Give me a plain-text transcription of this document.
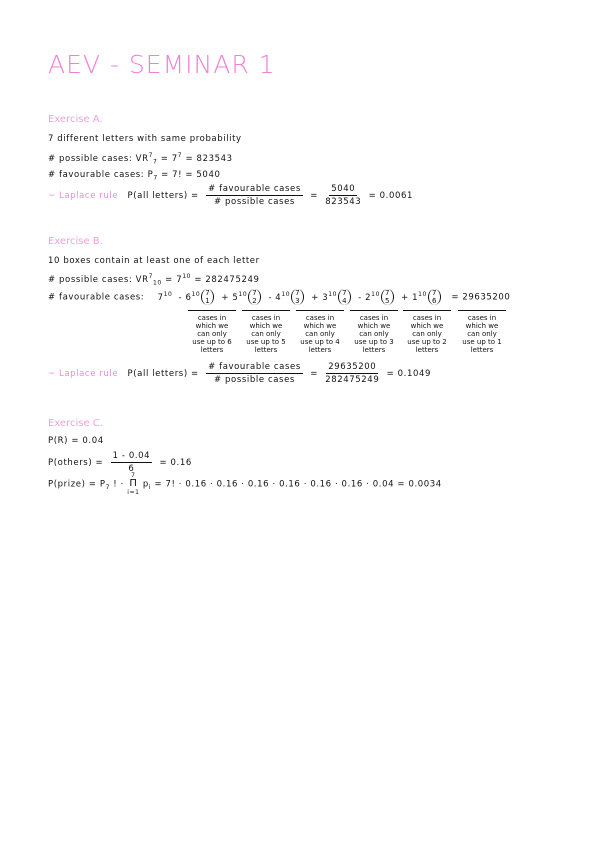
AEV - SEMINAR 1
Exercise A.
7 different letters with same probability
# possible cases: $VR^7_7 = 7^7 = 823543$
# favourable cases: $P_7 = 7$! = 5040
~ Laplace rule P(all letters) = $\frac{\text{\# favourable cases}}{\text{\# possible cases}} = \frac{5040}{823543} = 0.0061$
Exercise B.
10 boxes contain at least one of each letter
# possible cases: $VR^7_{10} = 7^{10} = 282475249$
# favourable cases: $7^{10} - 6^{10}$ 7
$1 + 5^{10}$ 7
$2 - 4^{10}$ 7
$3 + 3^{10}$ 7
$4 - 2^{10}$ 7
$5 + 1^{10}$ 7
6 = 29635200
cases in which we can only use up to 6 letters
cases in which we can only use up to 5 letters
cases in which we can only use up to 4 letters
cases in which we can only use up to 3 letters
cases in which we can only use up to 2 letters
cases in which we can only use up to 1 letters
~ Laplace rule P(all letters) = $\frac{\text{\# favourable cases}}{\text{\# possible cases}} = \frac{29635200}{282475249} = 0.1049$
Exercise C.
P(R) = 0.04
P(others) = $\frac{1 - 0.04}{6} = 0.16$
P(prize) = $P_7$ ! ·
7
Π
i=1
$p_i = 7$! · 0.16 · 0.16 · 0.16 · 0.16 · 0.16 · 0.16 · 0.04 = 0.0034
